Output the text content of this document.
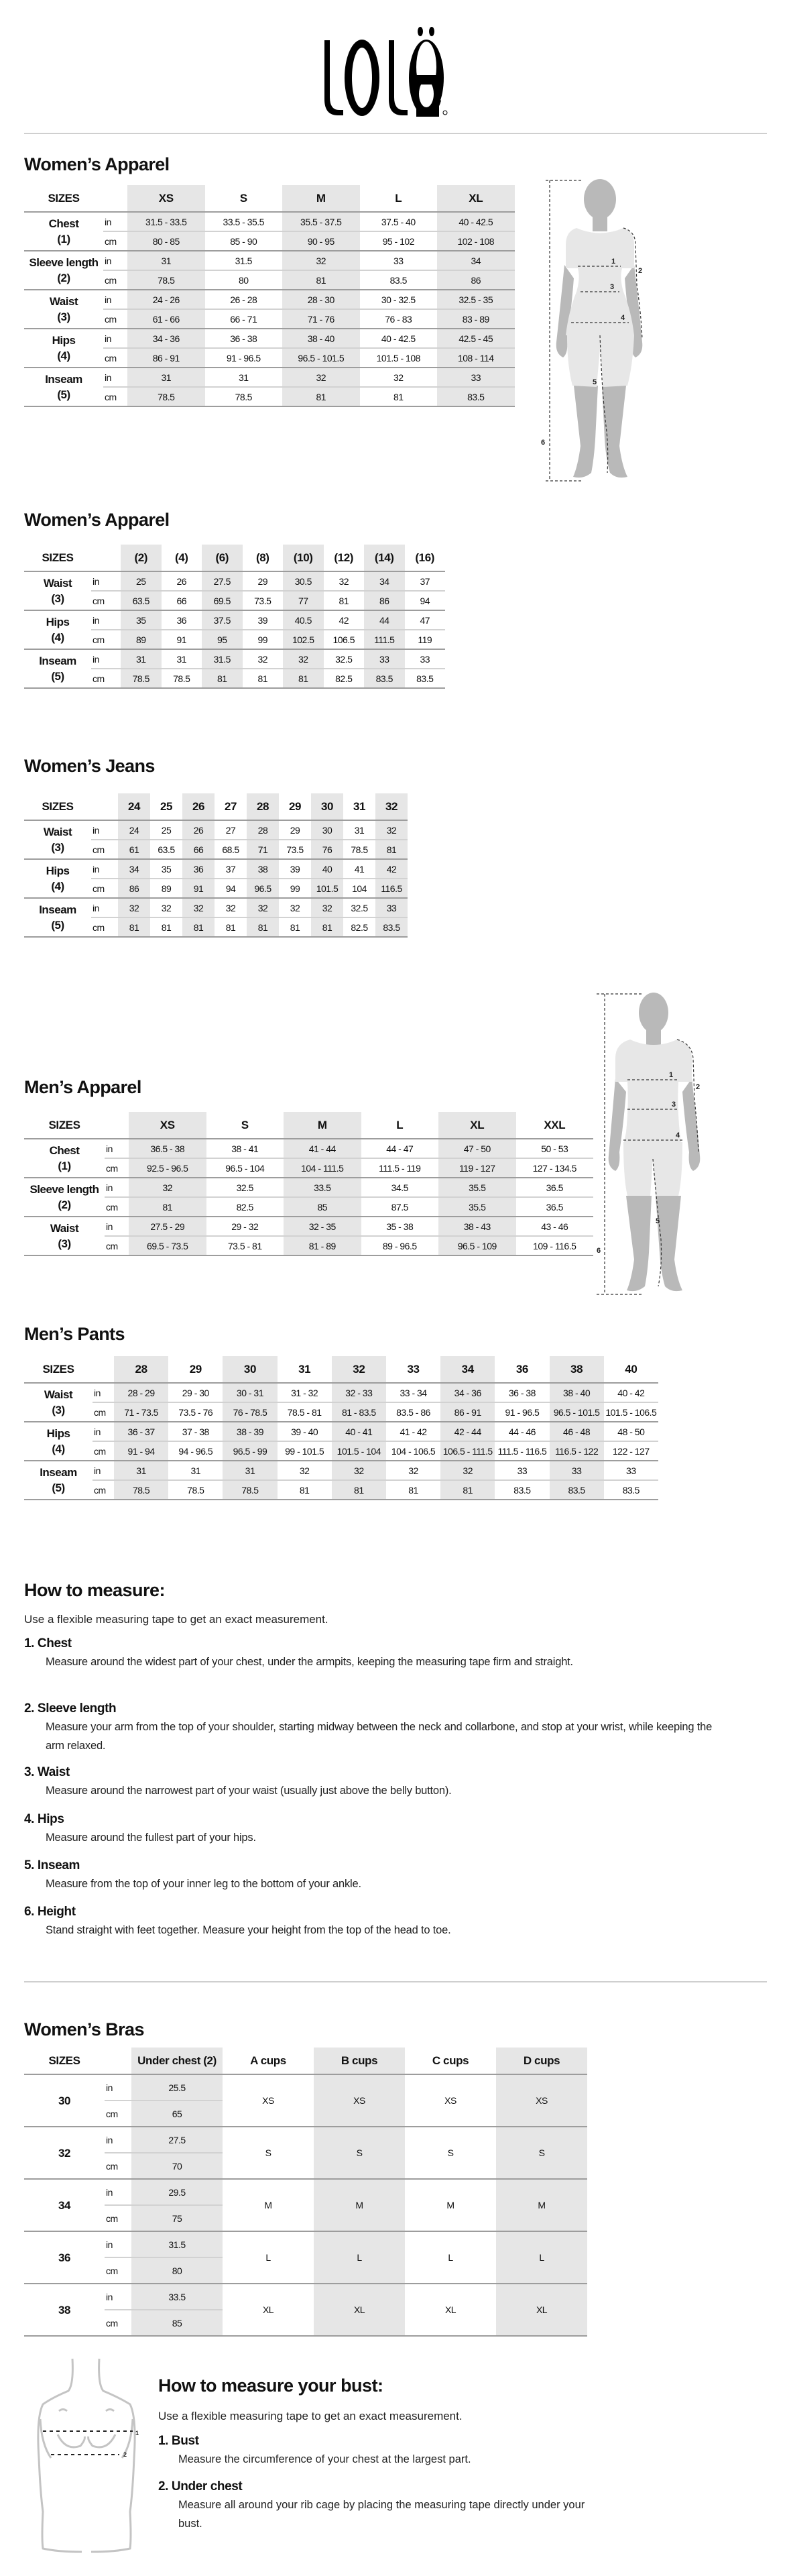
Women’s Apparel
SIZES		XS	S	M	L	XL

Chest
(1)	in	31.5 - 33.5	33.5 - 35.5	35.5 - 37.5	37.5 - 40	40 - 42.5
	cm	80 - 85	85 - 90	90 - 95	95 - 102	102 - 108

Sleeve length
(2)	in	31	31.5	32	33	34
	cm	78.5	80	81	83.5	86

Waist
(3)	in	24 - 26	26 - 28	28 - 30	30 - 32.5	32.5 - 35
	cm	61 - 66	66 - 71	71 - 76	76 - 83	83 - 89

Hips
(4)	in	34 - 36	36 - 38	38 - 40	40 - 42.5	42.5 - 45
	cm	86 - 91	91 - 96.5	96.5 - 101.5	101.5 - 108	108 - 114

Inseam
(5)	in	31	31	32	32	33
	cm	78.5	78.5	81	81	83.5
Women’s Apparel
SIZES		(2)	(4)	(6)	(8)	(10)	(12)	(14)	(16)

Waist
(3)	in	25	26	27.5	29	30.5	32	34	37
	cm	63.5	66	69.5	73.5	77	81	86	94

Hips
(4)	in	35	36	37.5	39	40.5	42	44	47
	cm	89	91	95	99	102.5	106.5	111.5	119

Inseam
(5)	in	31	31	31.5	32	32	32.5	33	33
	cm	78.5	78.5	81	81	81	82.5	83.5	83.5
Women’s Jeans
SIZES		24	25	26	27	28	29	30	31	32

Waist
(3)	in	24	25	26	27	28	29	30	31	32
	cm	61	63.5	66	68.5	71	73.5	76	78.5	81

Hips
(4)	in	34	35	36	37	38	39	40	41	42
	cm	86	89	91	94	96.5	99	101.5	104	116.5

Inseam
(5)	in	32	32	32	32	32	32	32	32.5	33
	cm	81	81	81	81	81	81	81	82.5	83.5
Men’s Apparel
SIZES		XS	S	M	L	XL	XXL

Chest
(1)	in	36.5 - 38	38 - 41	41 - 44	44 - 47	47 - 50	50 - 53
	cm	92.5 - 96.5	96.5 - 104	104 - 111.5	111.5 - 119	119 - 127	127 - 134.5

Sleeve length
(2)	in	32	32.5	33.5	34.5	35.5	36.5
	cm	81	82.5	85	87.5	35.5	36.5

Waist
(3)	in	27.5 - 29	29 - 32	32 - 35	35 - 38	38 - 43	43 - 46
	cm	69.5 - 73.5	73.5 - 81	81 - 89	89 - 96.5	96.5 - 109	109 - 116.5
Men’s Pants
SIZES		28	29	30	31	32	33	34	36	38	40

Waist
(3)	in	28 - 29	29 - 30	30 - 31	31 - 32	32 - 33	33 - 34	34 - 36	36 - 38	38 - 40	40 - 42
	cm	71 - 73.5	73.5 - 76	76 - 78.5	78.5 - 81	81 - 83.5	83.5 - 86	86 - 91	91 - 96.5	96.5 - 101.5	101.5 - 106.5

Hips
(4)	in	36 - 37	37 - 38	38 - 39	39 - 40	40 - 41	41 - 42	42 - 44	44 - 46	46 - 48	48 - 50
	cm	91 - 94	94 - 96.5	96.5 - 99	99 - 101.5	101.5 - 104	104 - 106.5	106.5 - 111.5	111.5 - 116.5	116.5 - 122	122 - 127

Inseam
(5)	in	31	31	31	32	32	32	32	33	33	33
	cm	78.5	78.5	78.5	81	81	81	81	83.5	83.5	83.5
1
2
3
4
5
6
1
2
3
4
5
6
How to measure:
Use a flexible measuring tape to get an exact measurement.
1. Chest
Measure around the widest part of your chest, under the armpits, keeping the measuring tape firm and straight.
2. Sleeve length
Measure your arm from the top of your shoulder, starting midway between the neck and collarbone, and stop at your wrist, while keeping the arm relaxed.
3. Waist
Measure around the narrowest part of your waist (usually just above the belly button).
4. Hips
Measure around the fullest part of your hips.
5. Inseam
Measure from the top of your inner leg to the bottom of your ankle.
6. Height
Stand straight with feet together. Measure your height from the top of the head to toe.
Women’s Bras
SIZES		Under chest (2)	A cups	B cups	C cups	D cups
30	in	25.5	XS	XS	XS	XS
	cm	65				
32	in	27.5	S	S	S	S
	cm	70				
34	in	29.5	M	M	M	M
	cm	75				
36	in	31.5	L	L	L	L
	cm	80				
38	in	33.5	XL	XL	XL	XL
	cm	85				
1
2
How to measure your bust:
Use a flexible measuring tape to get an exact measurement.
1. Bust
Measure the circumference of your chest at the largest part.
2. Under chest
Measure all around your rib cage by placing the measuring tape directly under your bust.
